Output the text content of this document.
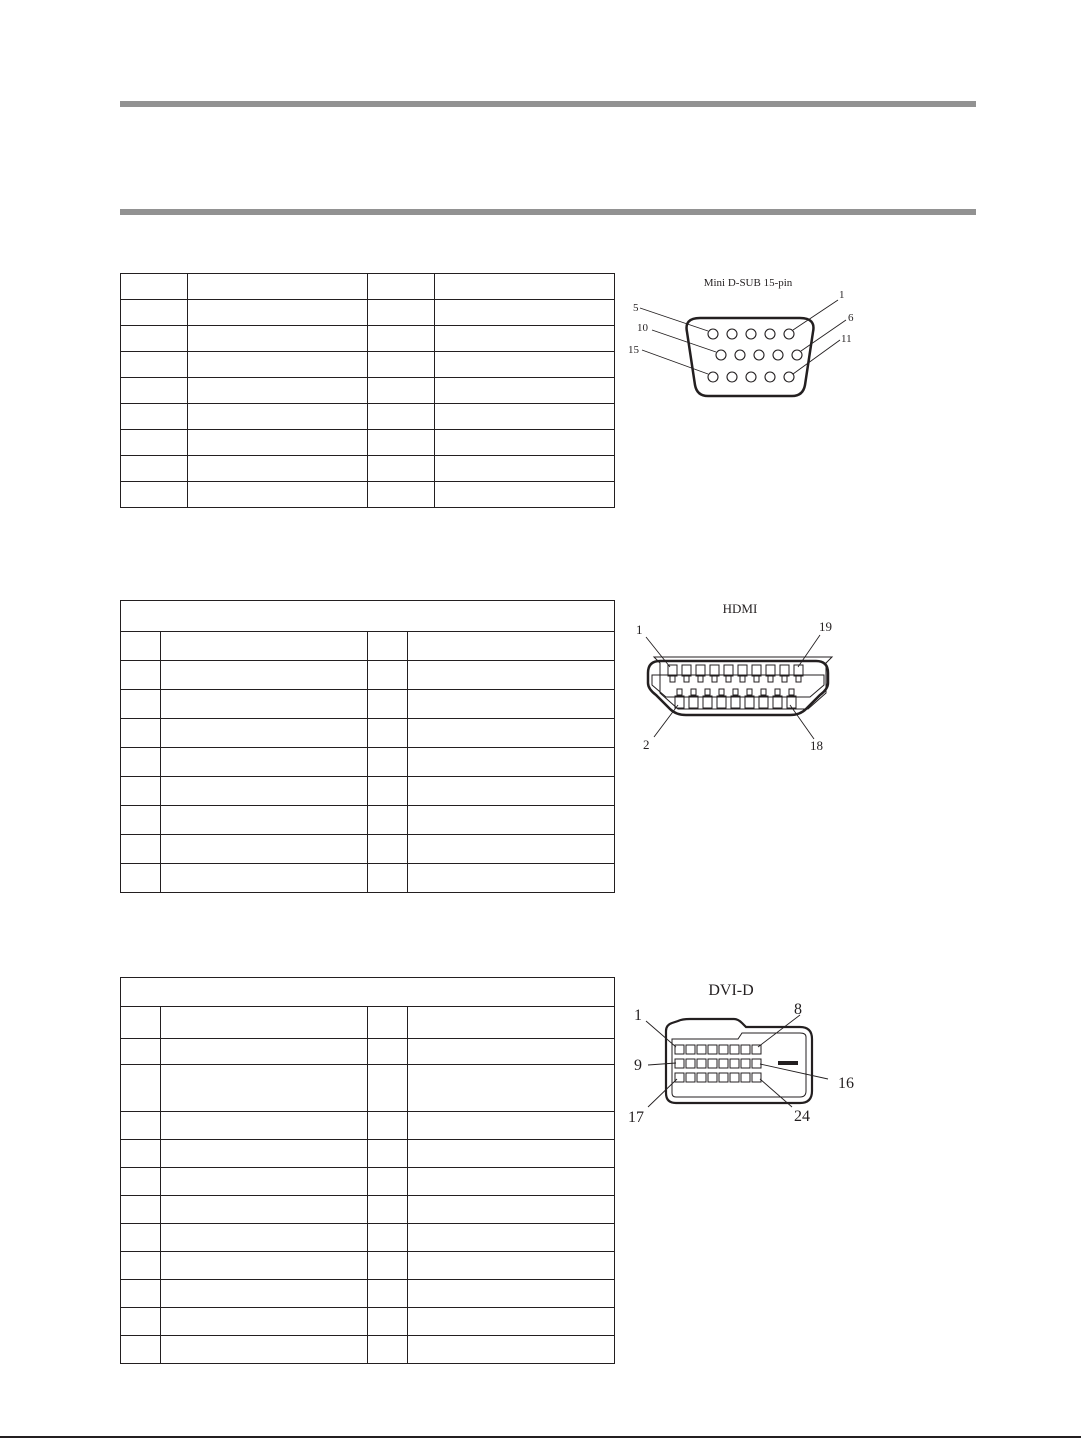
Mini D-SUB 15-pin
5
10
15
1
6
11
HDMI
1	19
2	18
DVI-D
1	8
9
16
17	24
